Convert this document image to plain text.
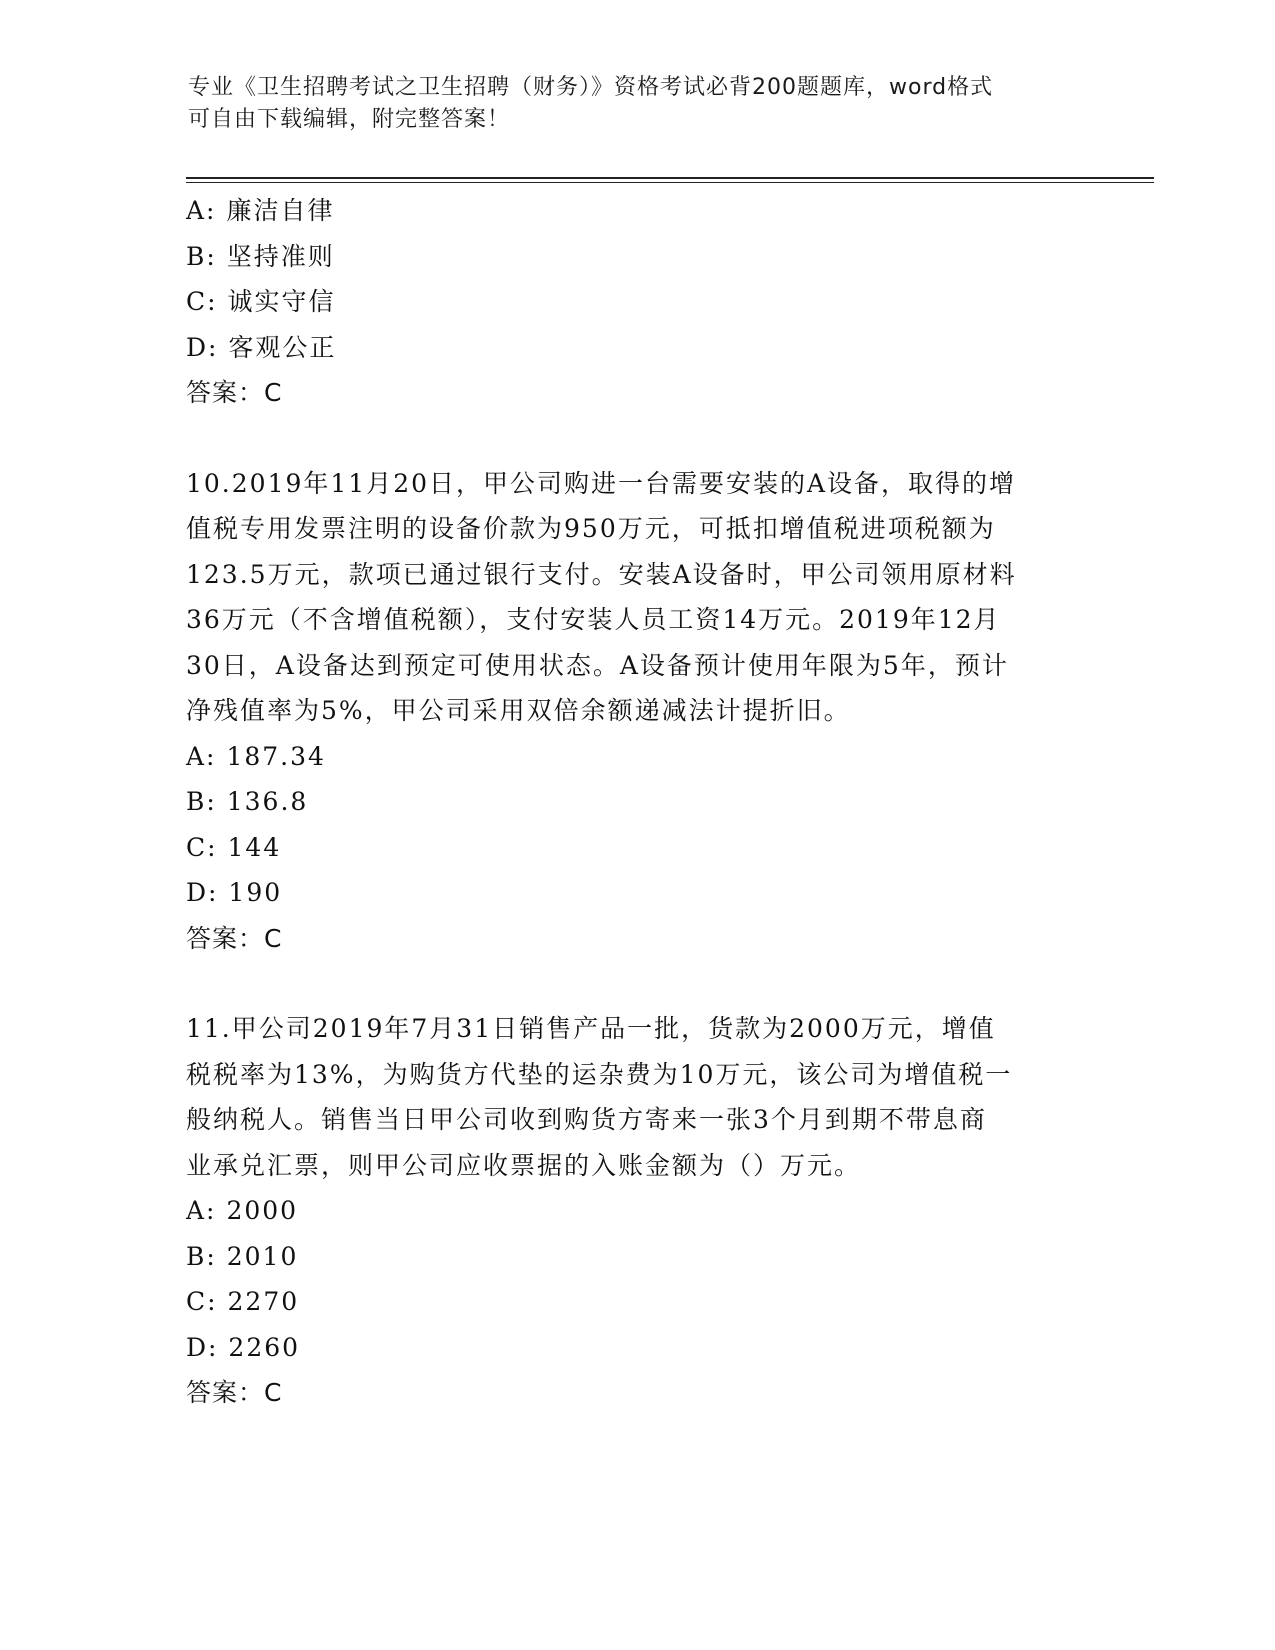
专业《卫生招聘考试之卫生招聘（财务）》资格考试必背200题题库，word格式
可自由下载编辑，附完整答案！
A: 廉洁自律
B: 坚持准则
C: 诚实守信
D: 客观公正
答案：C
10.2019年11月20日，甲公司购进一台需要安装的A设备，取得的增
值税专用发票注明的设备价款为950万元，可抵扣增值税进项税额为
123.5万元，款项已通过银行支付。安装A设备时，甲公司领用原材料
36万元（不含增值税额），支付安装人员工资14万元。2019年12月
30日，A设备达到预定可使用状态。A设备预计使用年限为5年，预计
净残值率为5%，甲公司采用双倍余额递减法计提折旧。
A: 187.34
B: 136.8
C: 144
D: 190
答案：C
11.甲公司2019年7月31日销售产品一批，货款为2000万元，增值
税税率为13%，为购货方代垫的运杂费为10万元，该公司为增值税一
般纳税人。销售当日甲公司收到购货方寄来一张3个月到期不带息商
业承兑汇票，则甲公司应收票据的入账金额为（）万元。
A: 2000
B: 2010
C: 2270
D: 2260
答案：C
